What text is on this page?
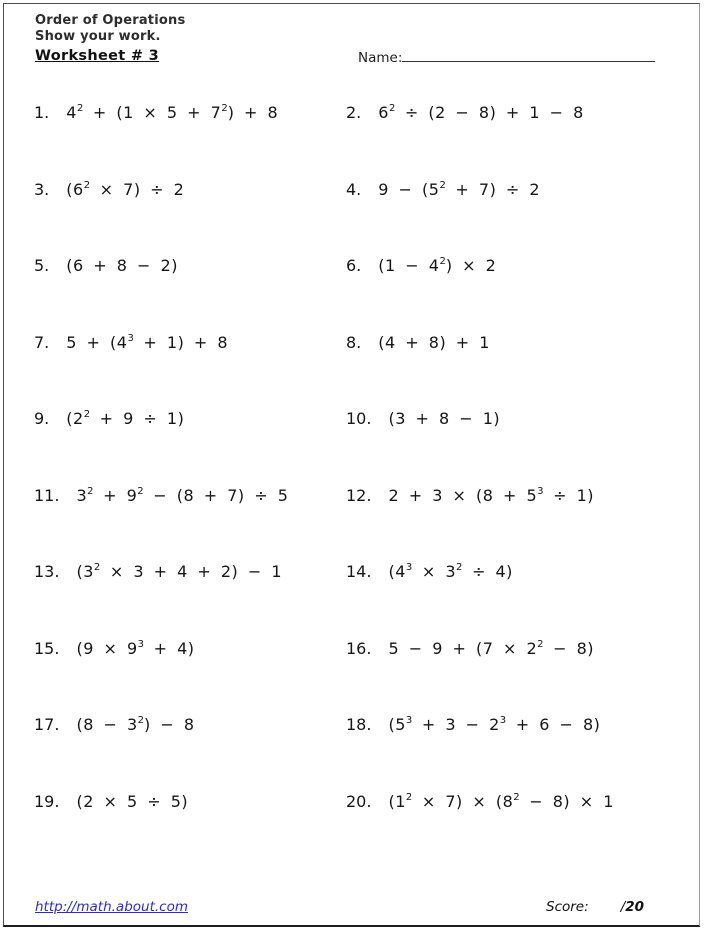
Order of Operations
Show your work.
Worksheet # 3	Name:
1. $4^2 + (1 \times 5 + 7^2) + 8$	2. $6^2 \div (2 - 8) + 1 - 8$
3. $(6^2 \times 7) \div 2$	4. $9 - (5^2 + 7) \div 2$
5. (6 + 8 − 2)	6. $(1 - 4^2) \times 2$
7. $5 + (4^3 + 1) + 8$	8. (4 + 8) + 1
9. $(2^2 + 9 \div 1)$	10. (3 + 8 − 1)
11. $3^2 + 9^2 - (8 + 7) \div 5$	12. $2 + 3 \times (8 + 5^3 \div 1)$
13. $(3^2 \times 3 + 4 + 2) - 1$	14. $(4^3 \times 3^2 \div 4)$
15. $(9 \times 9^3 + 4)$	16. $5 - 9 + (7 \times 2^2 - 8)$
17. $(8 - 3^2) - 8$	18. $(5^3 + 3 - 2^3 + 6 - 8)$
19. (2 × 5 ÷ 5)	20. $(1^2 \times 7) \times (8^2 - 8) \times 1$
http://math.about.com	Score: /20
